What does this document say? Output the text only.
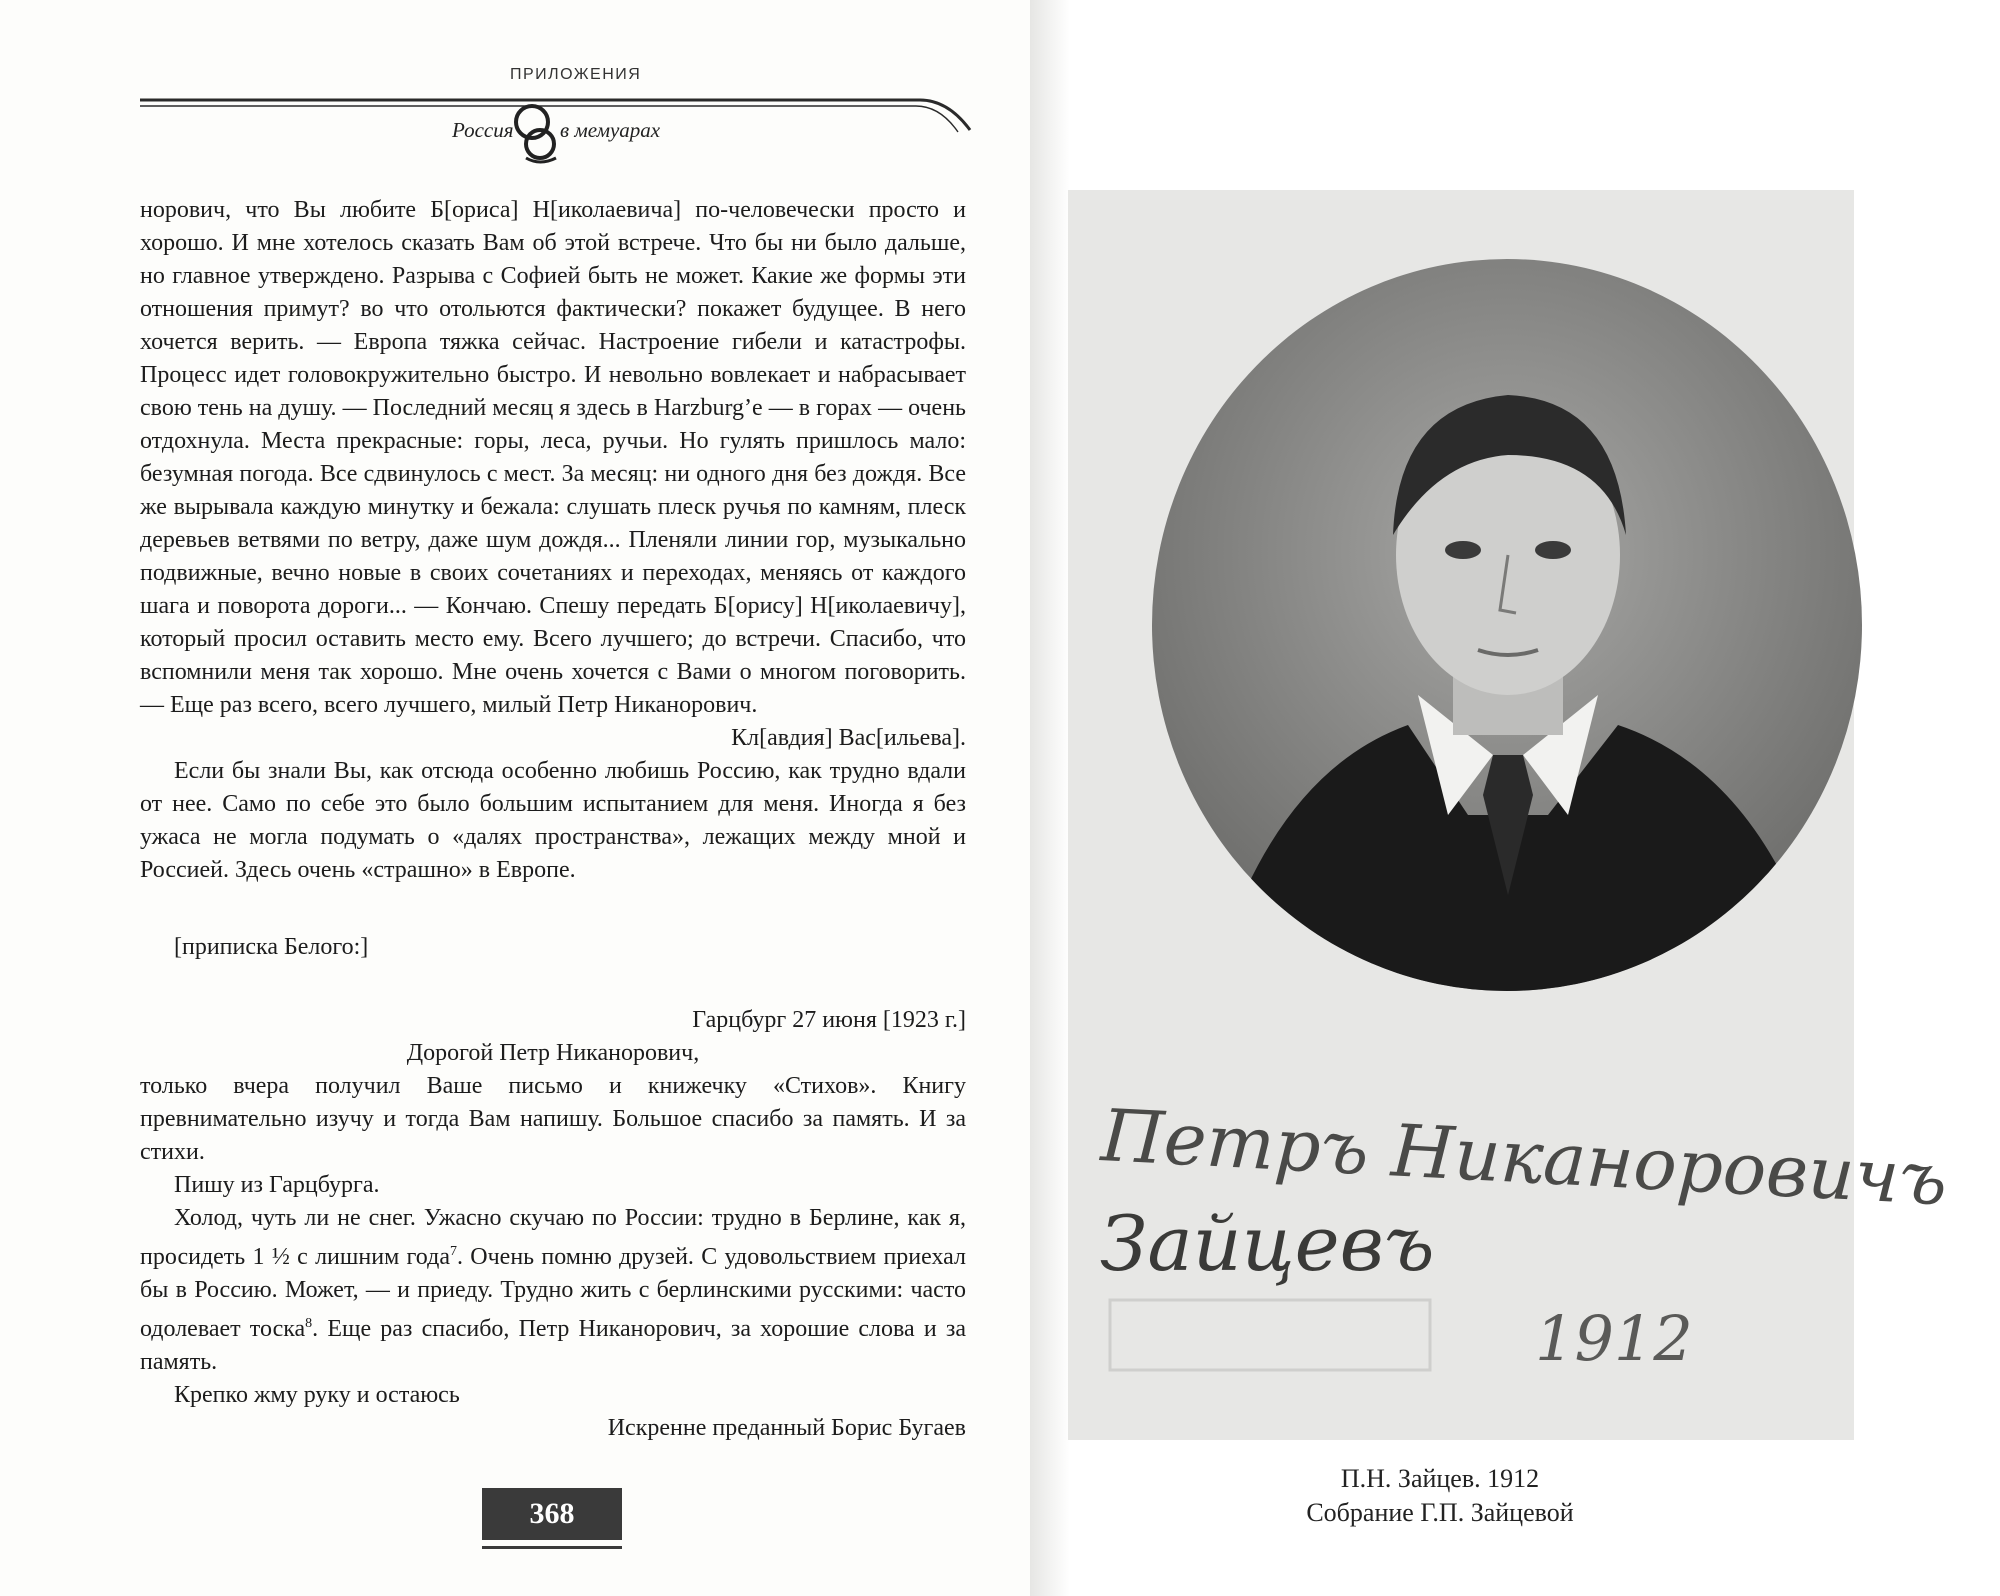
ПРИЛОЖЕНИЯ
Россия в мемуарах

норович, что Вы любите Б[ориса] Н[иколаевича] по-человечески просто и хорошо. И мне хотелось сказать Вам об этой встрече. Что бы ни было дальше, но главное утверждено. Разрыва с Софией быть не может. Какие же формы эти отношения примут? во что отольются фактически? покажет будущее. В него хочется верить. — Европа тяжка сейчас. Настроение гибели и катастрофы. Процесс идет головокружительно быстро. И невольно вовлекает и набрасывает свою тень на душу. — Последний месяц я здесь в Harzburg’e — в горах — очень отдохнула. Места прекрасные: горы, леса, ручьи. Но гулять пришлось мало: безумная погода. Все сдвинулось с мест. За месяц: ни одного дня без дождя. Все же вырывала каждую минутку и бежала: слушать плеск ручья по камням, плеск деревьев ветвями по ветру, даже шум дождя... Пленяли линии гор, музыкально подвижные, вечно новые в своих сочетаниях и переходах, меняясь от каждого шага и поворота дороги... — Кончаю. Спешу передать Б[орису] Н[иколаевичу], который просил оставить место ему. Всего лучшего; до встречи. Спасибо, что вспомнили меня так хорошо. Мне очень хочется с Вами о многом поговорить. — Еще раз всего, всего лучшего, милый Петр Никанорович.

Кл[авдия] Вас[ильева].

Если бы знали Вы, как отсюда особенно любишь Россию, как трудно вдали от нее. Само по себе это было большим испытанием для меня. Иногда я без ужаса не могла подумать о «далях пространства», лежащих между мной и Россией. Здесь очень «страшно» в Европе.

[приписка Белого:]

Гарцбург 27 июня [1923 г.]

Дорогой Петр Никанорович,

только вчера получил Ваше письмо и книжечку «Стихов». Книгу превнимательно изучу и тогда Вам напишу. Большое спасибо за память. И за стихи.

Пишу из Гарцбурга.

Холод, чуть ли не снег. Ужасно скучаю по России: трудно в Берлине, как я, просидеть 1 ½ с лишним года$^7$. Очень помню друзей. С удовольствием приехал бы в Россию. Может, — и приеду. Трудно жить с берлинскими русскими: часто одолевает тоска$^8$. Еще раз спасибо, Петр Никанорович, за хорошие слова и за память.

Крепко жму руку и остаюсь

Искренне преданный Борис Бугаев

368
Петръ Никаноровичъ
Зайцевъ
1912
П.Н. Зайцев. 1912
Собрание Г.П. Зайцевой
